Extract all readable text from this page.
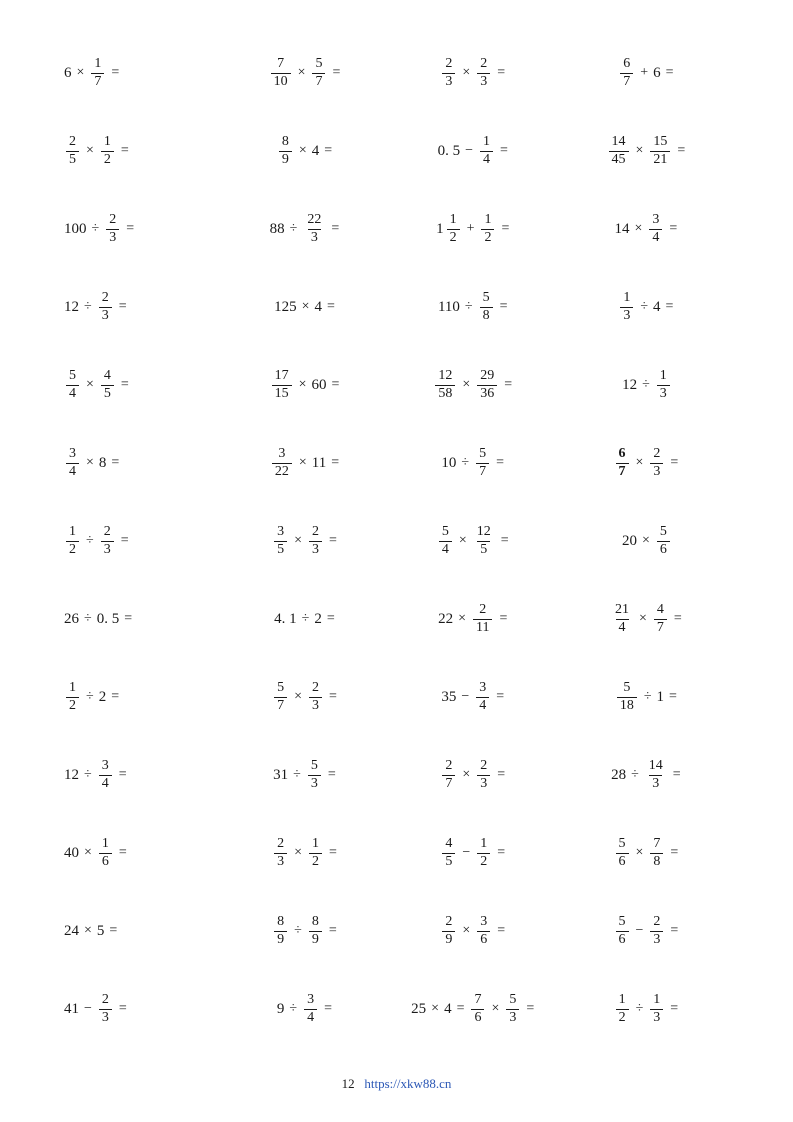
$6 \times \frac{1}{7}$ =	$\frac{7}{10} \times \frac{5}{7}$ =	$\frac{2}{3} \times \frac{2}{3}$ =	$\frac{6}{7} + 6$ =
$\frac{2}{5} \times \frac{1}{2}$ =	$\frac{8}{9} \times 4$ =	0. $5 - \frac{1}{4}$ =	$\frac{14}{45} \times \frac{15}{21}$ =
$100 \div \frac{2}{3}$ =	$88 \div \frac{22}{3}$ =	$1 \frac{1}{2} + \frac{1}{2}$ =	$14 \times \frac{3}{4}$ =
$12 \div \frac{2}{3}$ =	125 × 4 =	$110 \div \frac{5}{8}$ =	$\frac{1}{3} \div 4$ =
$\frac{5}{4} \times \frac{4}{5}$ =	$\frac{17}{15} \times 60$ =	$\frac{12}{58} \times \frac{29}{36}$ =	$12 \div \frac{1}{3}$
$\frac{3}{4} \times 8$ =	$\frac{3}{22} \times 11$ =	$10 \div \frac{5}{7}$ =	$\frac{6}{7} \times \frac{2}{3}$ =
$\frac{1}{2} \div \frac{2}{3}$ =	$\frac{3}{5} \times \frac{2}{3}$ =	$\frac{5}{4} \times \frac{12}{5}$ =	$20 \times \frac{5}{6}$
26 ÷ 0. 5 =	4. 1 ÷ 2 =	$22 \times \frac{2}{11}$ =	$\frac{21}{4} \times \frac{4}{7}$ =
$\frac{1}{2} \div 2$ =	$\frac{5}{7} \times \frac{2}{3}$ =	$35 - \frac{3}{4}$ =	$\frac{5}{18} \div 1$ =
$12 \div \frac{3}{4}$ =	$31 \div \frac{5}{3}$ =	$\frac{2}{7} \times \frac{2}{3}$ =	$28 \div \frac{14}{3}$ =
$40 \times \frac{1}{6}$ =	$\frac{2}{3} \times \frac{1}{2}$ =	$\frac{4}{5} - \frac{1}{2}$ =	$\frac{5}{6} \times \frac{7}{8}$ =
24 × 5 =	$\frac{8}{9} \div \frac{8}{9}$ =	$\frac{2}{9} \times \frac{3}{6}$ =	$\frac{5}{6} - \frac{2}{3}$ =
$41 - \frac{2}{3}$ =	$9 \div \frac{3}{4}$ =	$25 \times 4 = \frac{7}{6} \times \frac{5}{3}$ =	$\frac{1}{2} \div \frac{1}{3}$ =
12 https://xkw88.cn
